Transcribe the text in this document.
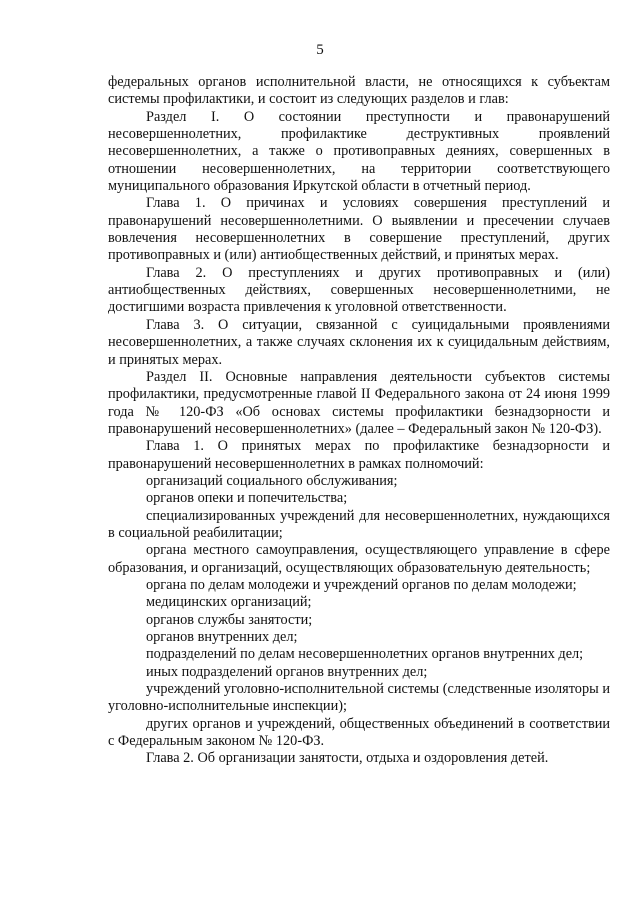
5

федеральных органов исполнительной власти, не относящихся к субъектам системы профилактики, и состоит из следующих разделов и глав:

Раздел I. О состоянии преступности и правонарушений несовершеннолетних, профилактике деструктивных проявлений несовершеннолетних, а также о противоправных деяниях, совершенных в отношении несовершеннолетних, на территории соответствующего муниципального образования Иркутской области в отчетный период.

Глава 1. О причинах и условиях совершения преступлений и правонарушений несовершеннолетними. О выявлении и пресечении случаев вовлечения несовершеннолетних в совершение преступлений, других противоправных и (или) антиобщественных действий, и принятых мерах.

Глава 2. О преступлениях и других противоправных и (или) антиобщественных действиях, совершенных несовершеннолетними, не достигшими возраста привлечения к уголовной ответственности.

Глава 3. О ситуации, связанной с суицидальными проявлениями несовершеннолетних, а также случаях склонения их к суицидальным действиям, и принятых мерах.

Раздел II. Основные направления деятельности субъектов системы профилактики, предусмотренные главой II Федерального закона от 24 июня 1999 года № 120-ФЗ «Об основах системы профилактики безнадзорности и правонарушений несовершеннолетних» (далее – Федеральный закон № 120-ФЗ).

Глава 1. О принятых мерах по профилактике безнадзорности и правонарушений несовершеннолетних в рамках полномочий:

организаций социального обслуживания;

органов опеки и попечительства;

специализированных учреждений для несовершеннолетних, нуждающихся в социальной реабилитации;

органа местного самоуправления, осуществляющего управление в сфере образования, и организаций, осуществляющих образовательную деятельность;

органа по делам молодежи и учреждений органов по делам молодежи;

медицинских организаций;

органов службы занятости;

органов внутренних дел;

подразделений по делам несовершеннолетних органов внутренних дел;

иных подразделений органов внутренних дел;

учреждений уголовно-исполнительной системы (следственные изоляторы и уголовно-исполнительные инспекции);

других органов и учреждений, общественных объединений в соответствии с Федеральным законом № 120-ФЗ.

Глава 2. Об организации занятости, отдыха и оздоровления детей.
